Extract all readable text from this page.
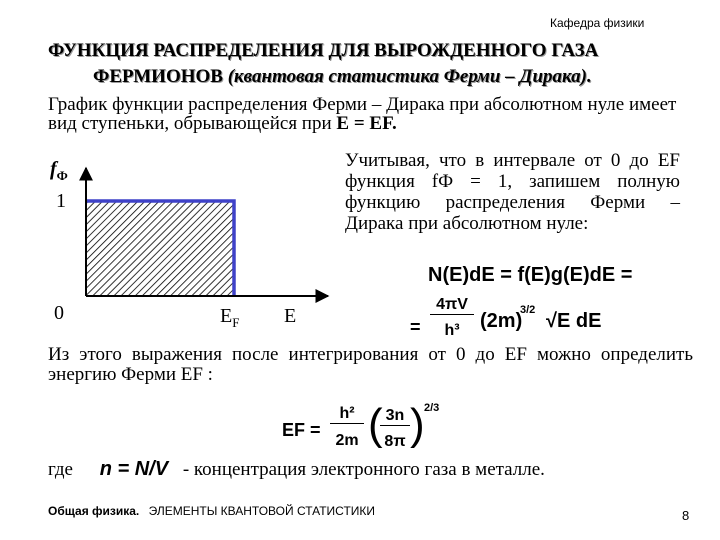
Кафедра физики
ФУНКЦИЯ РАСПРЕДЕЛЕНИЯ ДЛЯ ВЫРОЖДЕННОГО ГАЗА
ФЕРМИОНОВ (квантовая статистика Ферми – Дирака).
График функции распределения Ферми – Дирака при абсолютном нуле имеет вид ступеньки, обрывающейся при E = EF.
$f_Ф$
1
0	$E_F$ E
Учитывая, что в интервале от 0 до EF функция fФ = 1, запишем полную функцию распределения Ферми – Дирака при абсолютном нуле:
N(E)dE = f(E)g(E)dE =
=
4πV
h³	(2m)
3/2 √E dE
Из этого выражения после интегрирования от 0 до EF можно определить энергию Ферми EF :
EF =
h²
2m ( 3n
8π ) 2/3
где n = N/V - концентрация электронного газа в металле.
Общая физика. ЭЛЕМЕНТЫ КВАНТОВОЙ СТАТИСТИКИ	8
